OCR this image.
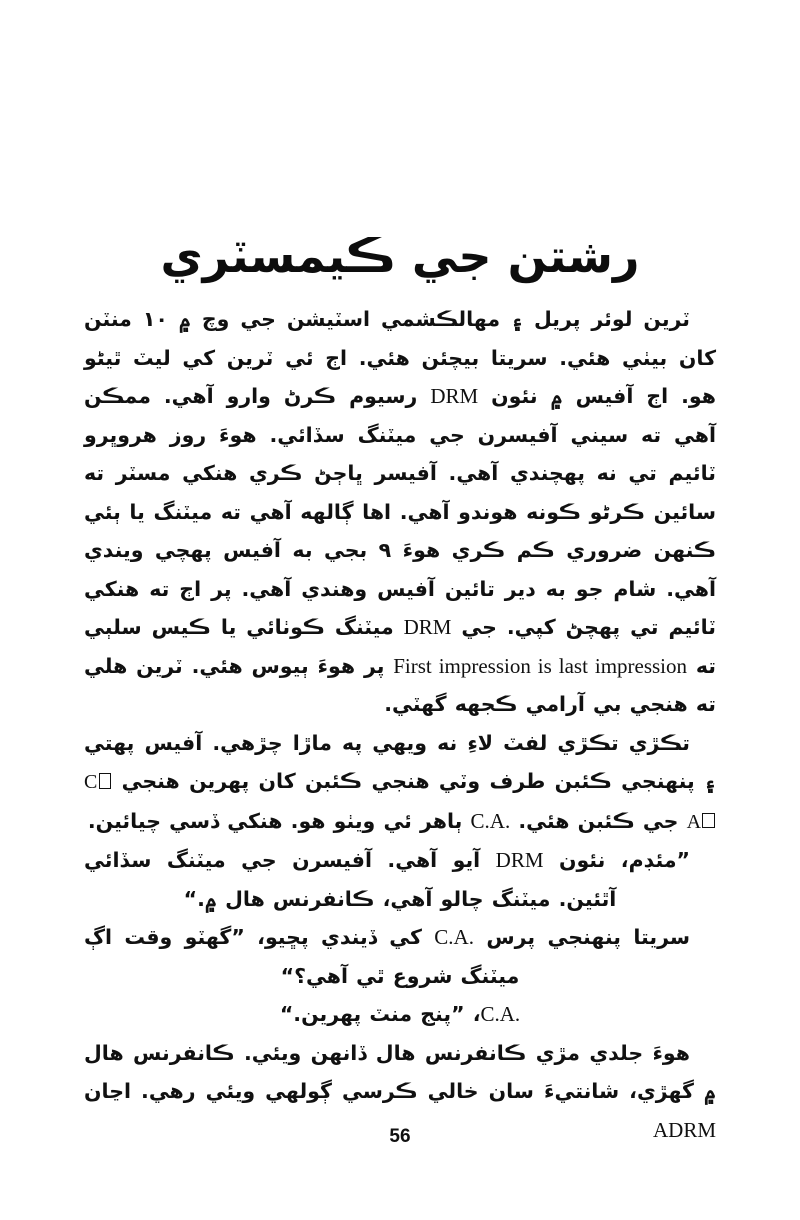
رشتن جي ڪيمسٽري

ٽرين لوئر پريل ۽ مهالڪشمي اسٽيشن جي وچ ۾ ١٠ منٽن کان بيٺي هئي. سريتا بيچئن هئي. اڄ ئي ٽرين کي ليٽ ٿيڻو هو. اڄ آفيس ۾ نئون DRM رسيوم ڪرڻ وارو آهي. ممڪن آهي ته سيني آفيسرن جي ميٽنگ سڏائي. هوءَ روز هروڀرو ٽائيم تي نه پهچندي آهي. آفيسر ڀاڄڻ ڪري هنکي مسٽر ته سائين ڪرڻو ڪونه هوندو آهي. اها ڳالهه آهي ته ميٽنگ يا ٻئي ڪنهن ضروري ڪم ڪري هوءَ ٩ بجي به آفيس پهچي ويندي آهي. شام جو به دير تائين آفيس وهندي آهي. پر اڄ ته هنکي ٽائيم تي پهچڻ کپي. جي DRM ميٽنگ ڪوٺائي يا ڪيس سلٻي ته First impression is last impression پر هوءَ ٻيوس هئي. ٽرين هلي ته هنجي بي آرامي ڪجهه گهٽي.

تڪڙي تڪڙي لفٽ لاءِ نه ويهي په ماڙا چڙهي. آفيس پهتي ۽ پنهنجي ڪئبن طرف وٽي هنجي ڪئبن کان پهرين هنجي CA جي ڪئبن هئي. C.A. ٻاهر ئي ويٺو هو. هنکي ڏسي چيائين.

”مئڊم، نئون DRM آيو آهي. آفيسرن جي ميٽنگ سڏائي آٿئين. ميٽنگ چالو آهي، ڪانفرنس هال ۾.“

سريتا پنهنجي پرس C.A. کي ڏيندي پڇيو، ”گهٽو وقت اڳ ميٽنگ شروع ٿي آهي؟“

C.A.، ”پنج منٽ پهرين.“

هوءَ جلدي مڙي ڪانفرنس هال ڏانهن ويئي. ڪانفرنس هال ۾ گهڙي، شانتيءَ سان خالي ڪرسي ڳولهي ويئي رهي. اڃان ADRM

56
